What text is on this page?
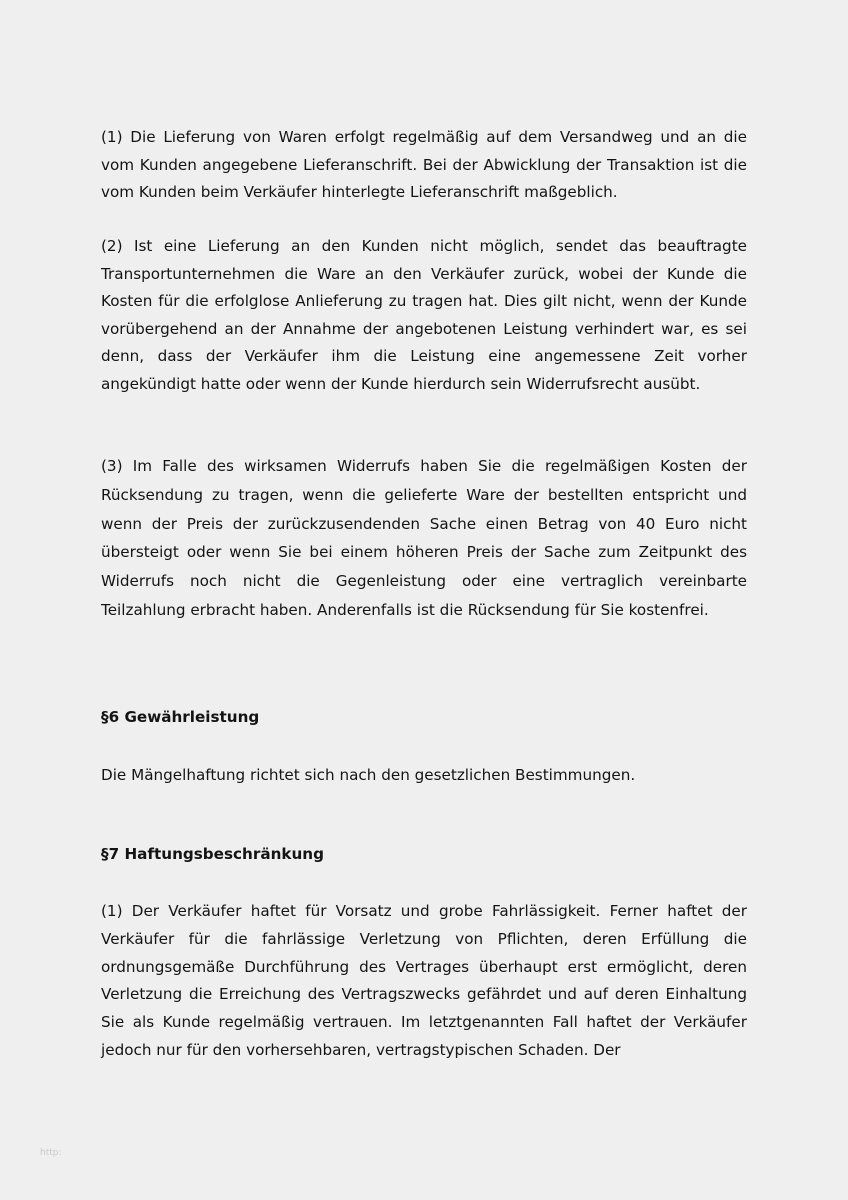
(1) Die Lieferung von Waren erfolgt regelmäßig auf dem Versandweg und an die vom Kunden angegebene Lieferanschrift. Bei der Abwicklung der Transaktion ist die vom Kunden beim Verkäufer hinterlegte Lieferanschrift maßgeblich.

(2) Ist eine Lieferung an den Kunden nicht möglich, sendet das beauftragte Transportunternehmen die Ware an den Verkäufer zurück, wobei der Kunde die Kosten für die erfolglose Anlieferung zu tragen hat. Dies gilt nicht, wenn der Kunde vorübergehend an der Annahme der angebotenen Leistung verhindert war, es sei denn, dass der Verkäufer ihm die Leistung eine angemessene Zeit vorher angekündigt hatte oder wenn der Kunde hierdurch sein Widerrufsrecht ausübt.

(3) Im Falle des wirksamen Widerrufs haben Sie die regelmäßigen Kosten der Rücksendung zu tragen, wenn die gelieferte Ware der bestellten entspricht und wenn der Preis der zurückzusendenden Sache einen Betrag von 40 Euro nicht übersteigt oder wenn Sie bei einem höheren Preis der Sache zum Zeitpunkt des Widerrufs noch nicht die Gegenleistung oder eine vertraglich vereinbarte Teilzahlung erbracht haben. Anderenfalls ist die Rücksendung für Sie kostenfrei.

§6 Gewährleistung

Die Mängelhaftung richtet sich nach den gesetzlichen Bestimmungen.

§7 Haftungsbeschränkung

(1) Der Verkäufer haftet für Vorsatz und grobe Fahrlässigkeit. Ferner haftet der Verkäufer für die fahrlässige Verletzung von Pflichten, deren Erfüllung die ordnungsgemäße Durchführung des Vertrages überhaupt erst ermöglicht, deren Verletzung die Erreichung des Vertragszwecks gefährdet und auf deren Einhaltung Sie als Kunde regelmäßig vertrauen. Im letztgenannten Fall haftet der Verkäufer jedoch nur für den vorhersehbaren, vertragstypischen Schaden. Der

http:
